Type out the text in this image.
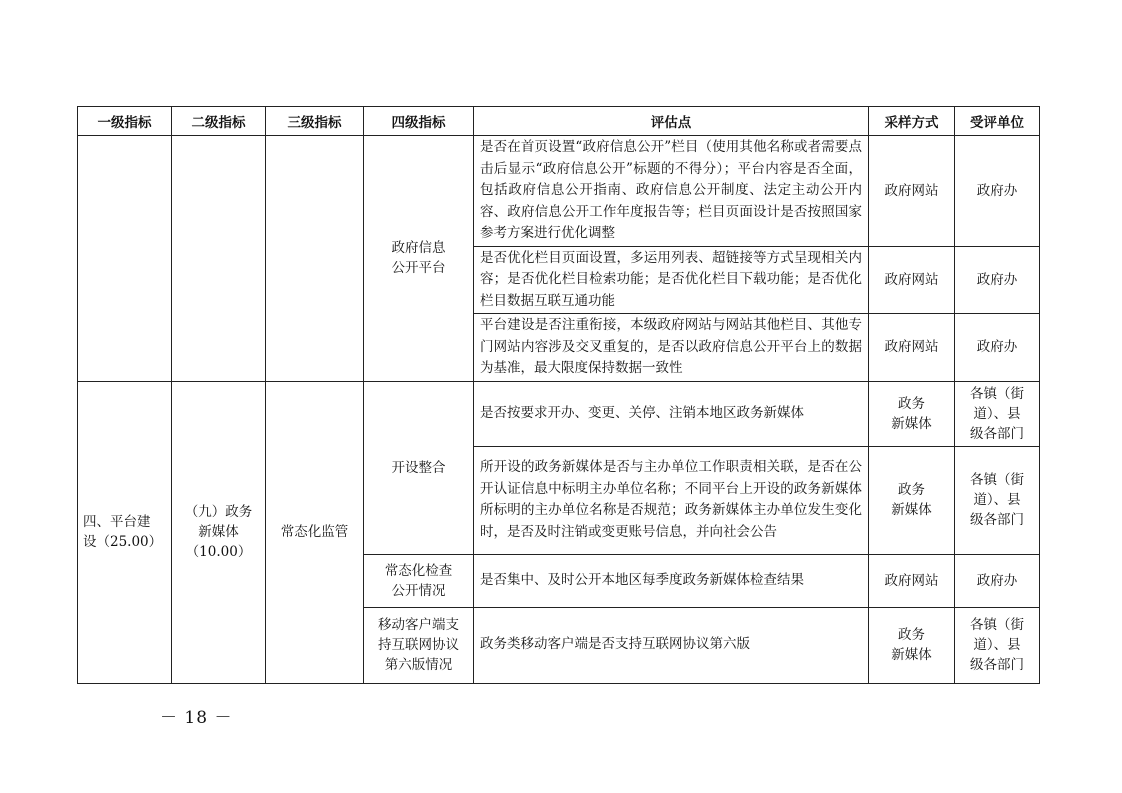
一级指标	二级指标	三级指标	四级指标	评估点	采样方式	受评单位

			政府信息
公开平台	是否在首页设置“政府信息公开”栏目（使用其他名称或者需要点击后显示“政府信息公开”标题的不得分）；平台内容是否全面，包括政府信息公开指南、政府信息公开制度、法定主动公开内容、政府信息公开工作年度报告等；栏目页面设计是否按照国家参考方案进行优化调整	政府网站	政府办

				是否优化栏目页面设置，多运用列表、超链接等方式呈现相关内容；是否优化栏目检索功能；是否优化栏目下载功能；是否优化栏目数据互联互通功能	政府网站	政府办

				平台建设是否注重衔接，本级政府网站与网站其他栏目、其他专门网站内容涉及交叉重复的，是否以政府信息公开平台上的数据为基准，最大限度保持数据一致性	政府网站	政府办

四、平台建
设（25.00）	（九）政务
新媒体
（10.00）	常态化监管	开设整合	是否按要求开办、变更、关停、注销本地区政务新媒体	政务
新媒体	各镇（街
道）、县
级各部门

				所开设的政务新媒体是否与主办单位工作职责相关联，是否在公开认证信息中标明主办单位名称；不同平台上开设的政务新媒体所标明的主办单位名称是否规范；政务新媒体主办单位发生变化时，是否及时注销或变更账号信息，并向社会公告	政务
新媒体	各镇（街
道）、县
级各部门

			常态化检查
公开情况	是否集中、及时公开本地区每季度政务新媒体检查结果	政府网站	政府办

			移动客户端支
持互联网协议
第六版情况	政务类移动客户端是否支持互联网协议第六版	政务
新媒体	各镇（街
道）、县
级各部门
－ 18 －
